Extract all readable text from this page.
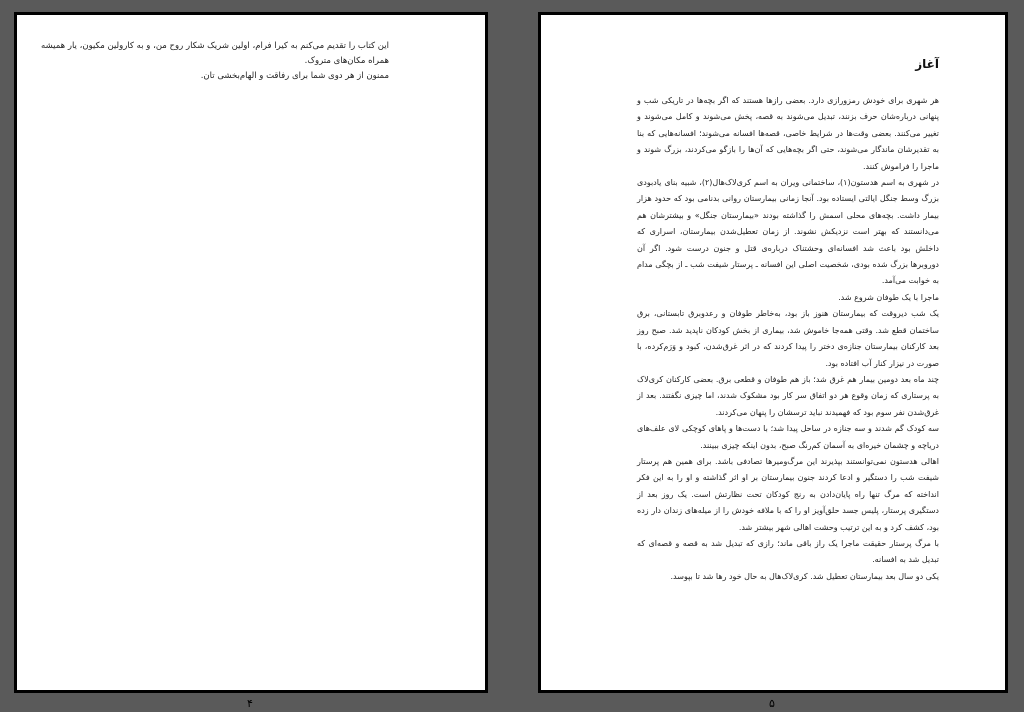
این کتاب را تقدیم می‌کنم به کیرا فرام، اولین شریک شکار روح من، و به کارولین مکیون، یار همیشه همراه مکان‌های متروک.

ممنون از هر دوی شما برای رفاقت و الهام‌بخشی تان.

۴
آغاز

هر شهری برای خودش رمزورازی دارد. بعضی رازها هستند که اگر بچه‌ها در تاریکی شب و پنهانی درباره‌شان حرف بزنند، تبدیل می‌شوند به قصه، پخش می‌شوند و کامل می‌شوند و تغییر می‌کنند. بعضی وقت‌ها در شرایط خاصی، قصه‌ها افسانه می‌شوند؛ افسانه‌هایی که بنا به تقدیرشان ماندگار می‌شوند، حتی اگر بچه‌هایی که آن‌ها را بازگو می‌کردند، بزرگ شوند و ماجرا را فراموش کنند.

در شهری به اسم هدستون(۱)، ساختمانی ویران به اسم کری‌لاک‌هال(۲)، شبیه بنای یادبودی بزرگ وسط جنگل ایالتی ایستاده بود. آنجا زمانی بیمارستان روانی بدنامی بود که حدود هزار بیمار داشت. بچه‌های محلی اسمش را گذاشته بودند «بیمارستان جنگل» و بیشترشان هم می‌دانستند که بهتر است نزدیکش نشوند. از زمان تعطیل‌شدن بیمارستان، اسراری که داخلش بود باعث شد افسانه‌ای وحشتناک درباره‌ی قتل و جنون درست شود. اگر آن دوروبرها بزرگ شده بودی، شخصیت اصلی این افسانه ـ پرستار شیفت شب ـ از بچگی مدام به خوابت می‌آمد.

ماجرا با یک طوفان شروع شد.

یک شب دیروقت که بیمارستان هنوز باز بود، به‌خاطر طوفان و رعدوبرق تابستانی، برق ساختمان قطع شد. وقتی همه‌جا خاموش شد، بیماری از بخش کودکان ناپدید شد. صبح روز بعد کارکنان بیمارستان جنازه‌ی دختر را پیدا کردند که در اثر غرق‌شدن، کبود و وَرَم‌کرده، با صورت در نیزار کنار آب افتاده بود.

چند ماه بعد دومین بیمار هم غرق شد؛ باز هم طوفان و قطعی برق. بعضی کارکنان کری‌لاک به پرستاری که زمان وقوع هر دو اتفاق سر کار بود مشکوک شدند، اما چیزی نگفتند. بعد از غرق‌شدن نفر سوم بود که فهمیدند نباید ترسشان را پنهان می‌کردند.

سه کودک گم شدند و سه جنازه در ساحل پیدا شد؛ با دست‌ها و پاهای کوچکی لای علف‌های دریاچه و چشمان خیره‌ای به آسمان کم‌رنگ صبح، بدون اینکه چیزی ببینند.

اهالی هدستون نمی‌توانستند بپذیرند این مرگ‌ومیرها تصادفی باشد. برای همین هم پرستار شیفت شب را دستگیر و ادعا کردند جنون بیمارستان بر او اثر گذاشته و او را به این فکر انداخته که مرگ تنها راه پایان‌دادن به رنج کودکان تحت نظارتش است. یک روز بعد از دستگیری پرستار، پلیس جسد حلق‌آویز او را که با ملافه خودش را از میله‌های زندان دار زده بود، کشف کرد و به این ترتیب وحشت اهالی شهر بیشتر شد.

با مرگ پرستار حقیقت ماجرا یک راز باقی ماند؛ رازی که تبدیل شد به قصه و قصه‌ای که تبدیل شد به افسانه.

یکی دو سال بعد بیمارستان تعطیل شد. کری‌لاک‌هال به حال خود رها شد تا بپوسد.

۵
